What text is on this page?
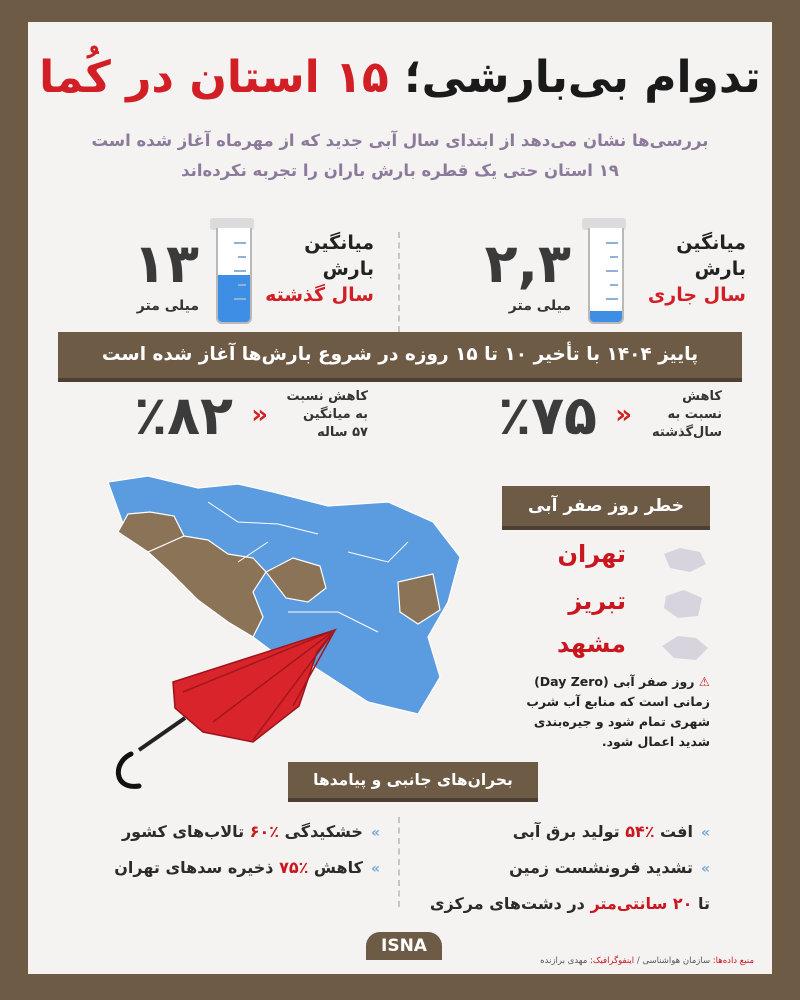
تدوام بی‌بارشی؛ ۱۵ استان در کُما
بررسی‌ها نشان می‌دهد از ابتدای سال آبی جدید که از مهرماه آغاز شده است
۱۹ استان حتی یک قطره بارش باران را تجربه نکرده‌اند
میانگین
بارش
سال جاری
۲,۳
میلی متر
میانگین
بارش
سال گذشته
۱۳
میلی متر
پاییز ۱۴۰۴ با تأخیر ۱۰ تا ۱۵ روزه در شروع بارش‌ها آغاز شده است
کاهش
نسبت به
سال‌گذشته
«
٪۷۵
کاهش نسبت
به میانگین
۵۷ ساله
«
٪۸۲
خطر روز صفر آبی
تهران
تبریز
مشهد
⚠ روز صفر آبی (Day Zero)
زمانی است که منابع آب شرب
شهری تمام شود و جیره‌بندی
شدید اعمال شود.
بحران‌های جانبی و پیامدها
»افت ٪۵۴ تولید برق آبی
»تشدید فرونشست زمین
تا ۲۰ سانتی‌متر در دشت‌های مرکزی
»خشکیدگی ٪۶۰ تالاب‌های کشور
»کاهش ٪۷۵ ذخیره سدهای تهران
ISNA
منبع داده‌ها: سازمان هواشناسی / اینفوگرافیک: مهدی برازنده
